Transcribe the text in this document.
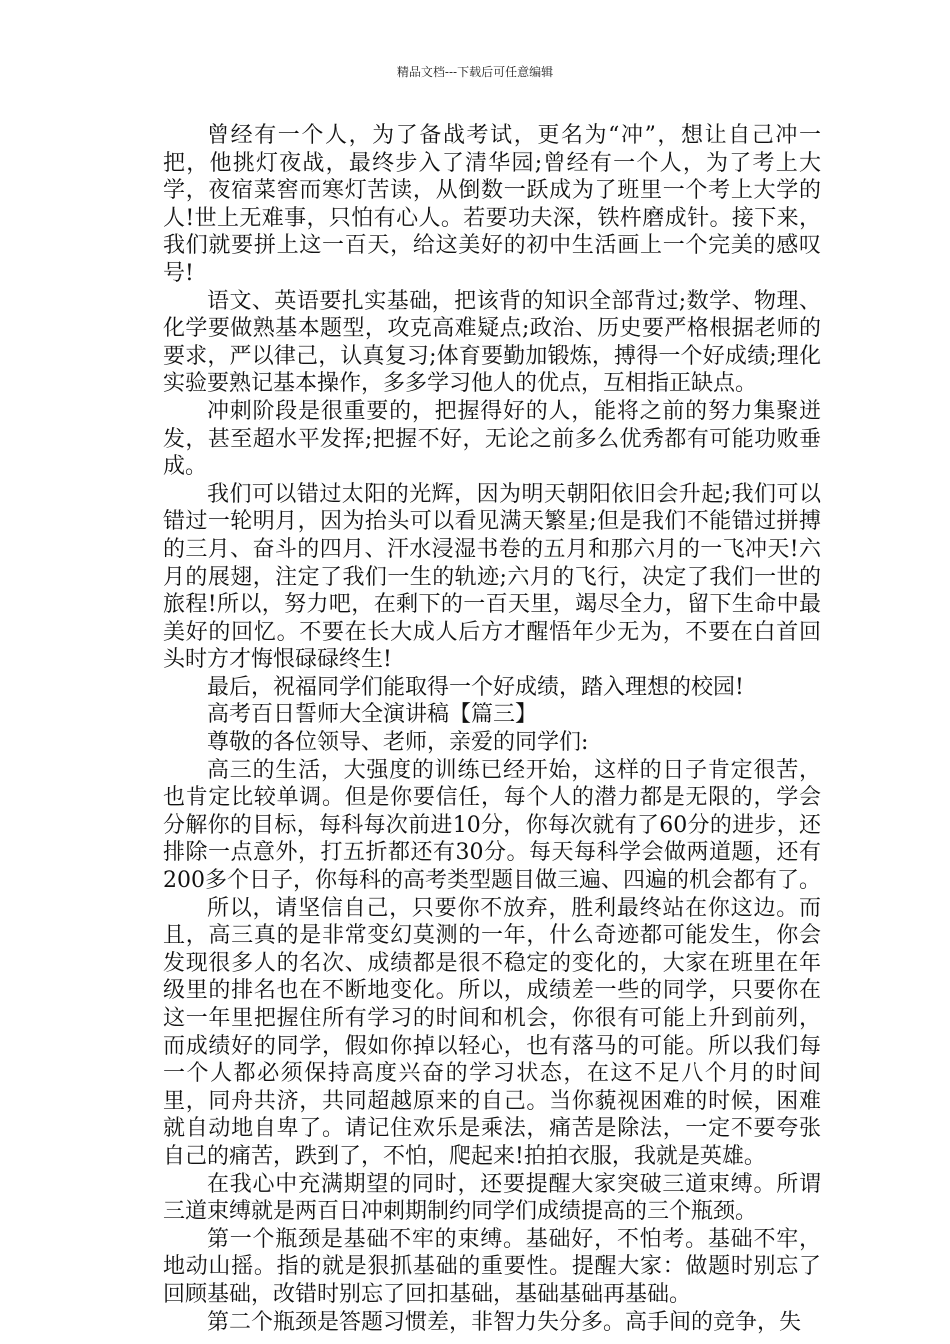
精品文档---下载后可任意编辑

曾经有一个人，为了备战考试，更名为“冲”，想让自己冲一把，他挑灯夜战，最终步入了清华园;曾经有一个人，为了考上大学，夜宿菜窖而寒灯苦读，从倒数一跃成为了班里一个考上大学的人!世上无难事，只怕有心人。若要功夫深，铁杵磨成针。接下来，我们就要拼上这一百天，给这美好的初中生活画上一个完美的感叹号!

语文、英语要扎实基础，把该背的知识全部背过;数学、物理、化学要做熟基本题型，攻克高难疑点;政治、历史要严格根据老师的要求，严以律己，认真复习;体育要勤加锻炼，搏得一个好成绩;理化实验要熟记基本操作，多多学习他人的优点，互相指正缺点。

冲刺阶段是很重要的，把握得好的人，能将之前的努力集聚迸发，甚至超水平发挥;把握不好，无论之前多么优秀都有可能功败垂成。

我们可以错过太阳的光辉，因为明天朝阳依旧会升起;我们可以错过一轮明月，因为抬头可以看见满天繁星;但是我们不能错过拼搏的三月、奋斗的四月、汗水浸湿书卷的五月和那六月的一飞冲天!六月的展翅，注定了我们一生的轨迹;六月的飞行，决定了我们一世的旅程!所以，努力吧，在剩下的一百天里，竭尽全力，留下生命中最美好的回忆。不要在长大成人后方才醒悟年少无为，不要在白首回头时方才悔恨碌碌终生!

最后，祝福同学们能取得一个好成绩，踏入理想的校园!

高考百日誓师大全演讲稿【篇三】

尊敬的各位领导、老师，亲爱的同学们:

高三的生活，大强度的训练已经开始，这样的日子肯定很苦，也肯定比较单调。但是你要信任，每个人的潜力都是无限的，学会分解你的目标，每科每次前进10分，你每次就有了60分的进步，还排除一点意外，打五折都还有30分。每天每科学会做两道题，还有200多个日子，你每科的高考类型题目做三遍、四遍的机会都有了。

所以，请坚信自己，只要你不放弃，胜利最终站在你这边。而且，高三真的是非常变幻莫测的一年，什么奇迹都可能发生，你会发现很多人的名次、成绩都是很不稳定的变化的，大家在班里在年级里的排名也在不断地变化。所以，成绩差一些的同学，只要你在这一年里把握住所有学习的时间和机会，你很有可能上升到前列，而成绩好的同学，假如你掉以轻心，也有落马的可能。所以我们每一个人都必须保持高度兴奋的学习状态，在这不足八个月的时间里，同舟共济，共同超越原来的自己。当你藐视困难的时候，困难就自动地自卑了。请记住欢乐是乘法，痛苦是除法，一定不要夸张自己的痛苦，跌到了，不怕，爬起来!拍拍衣服，我就是英雄。

在我心中充满期望的同时，还要提醒大家突破三道束缚。所谓三道束缚就是两百日冲刺期制约同学们成绩提高的三个瓶颈。

第一个瓶颈是基础不牢的束缚。基础好，不怕考。基础不牢，地动山摇。指的就是狠抓基础的重要性。提醒大家：做题时别忘了回顾基础，改错时别忘了回扣基础，基础基础再基础。

第二个瓶颈是答题习惯差，非智力失分多。高手间的竞争，失
